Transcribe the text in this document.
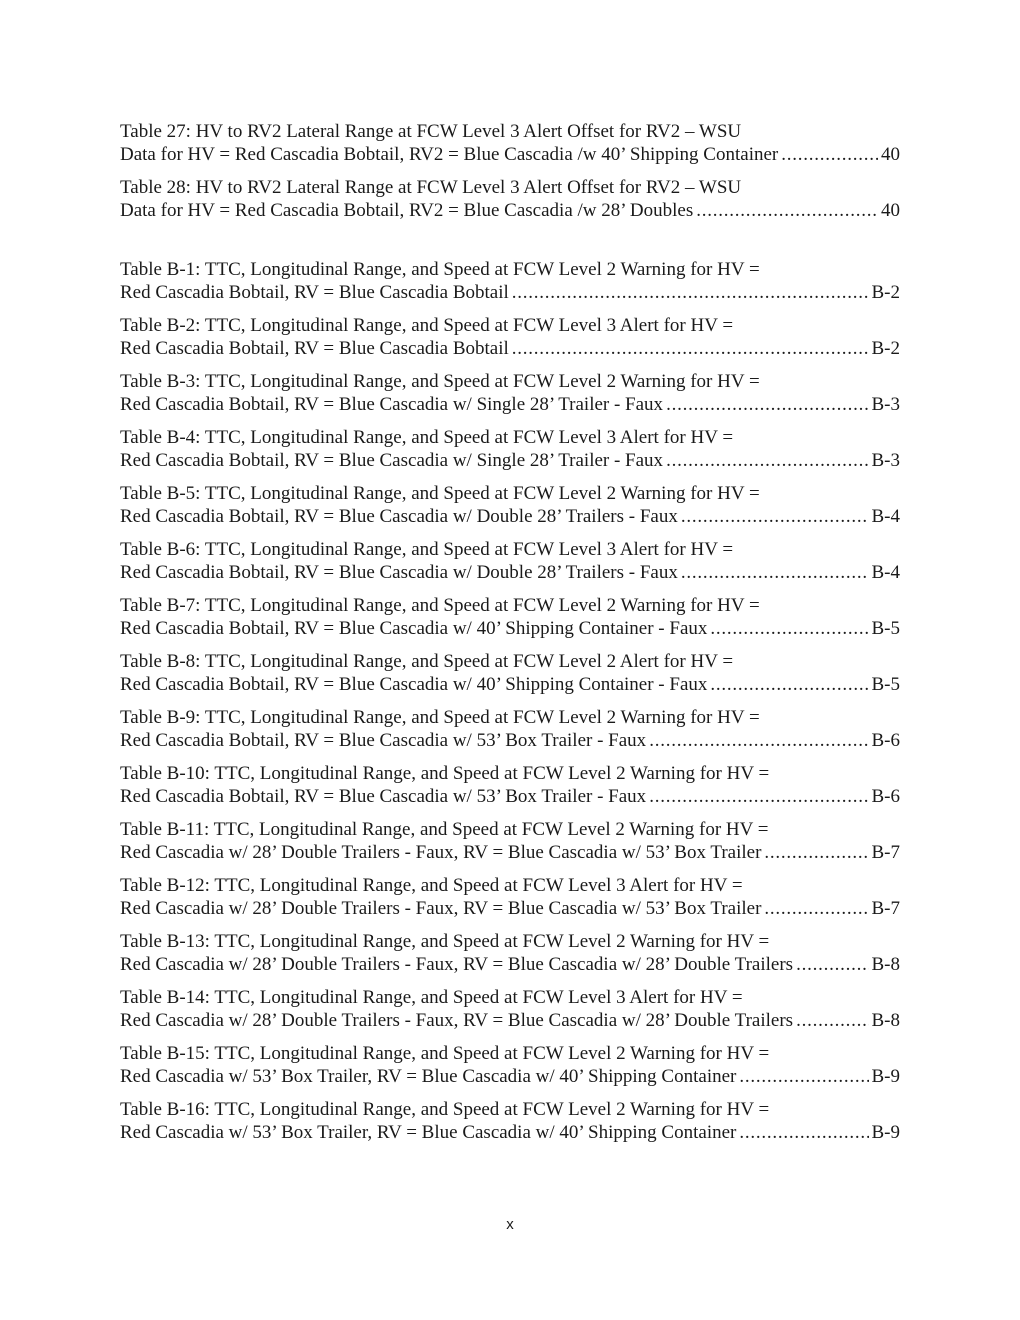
Table 27: HV to RV2 Lateral Range at FCW Level 3 Alert Offset for RV2 – WSU
Data for HV = Red Cascadia Bobtail, RV2 = Blue Cascadia /w 40’ Shipping Container . . .	40
Table 28: HV to RV2 Lateral Range at FCW Level 3 Alert Offset for RV2 – WSU
Data for HV = Red Cascadia Bobtail, RV2 = Blue Cascadia /w 28’ Doubles . . .	40
Table B-1: TTC, Longitudinal Range, and Speed at FCW Level 2 Warning for HV =
Red Cascadia Bobtail, RV = Blue Cascadia Bobtail . . .	B-2
Table B-2: TTC, Longitudinal Range, and Speed at FCW Level 3 Alert for HV =
Red Cascadia Bobtail, RV = Blue Cascadia Bobtail . . .	B-2
Table B-3: TTC, Longitudinal Range, and Speed at FCW Level 2 Warning for HV =
Red Cascadia Bobtail, RV = Blue Cascadia w/ Single 28’ Trailer - Faux . . .	B-3
Table B-4: TTC, Longitudinal Range, and Speed at FCW Level 3 Alert for HV =
Red Cascadia Bobtail, RV = Blue Cascadia w/ Single 28’ Trailer - Faux . . .	B-3
Table B-5: TTC, Longitudinal Range, and Speed at FCW Level 2 Warning for HV =
Red Cascadia Bobtail, RV = Blue Cascadia w/ Double 28’ Trailers - Faux . . .	B-4
Table B-6: TTC, Longitudinal Range, and Speed at FCW Level 3 Alert for HV =
Red Cascadia Bobtail, RV = Blue Cascadia w/ Double 28’ Trailers - Faux . . .	B-4
Table B-7: TTC, Longitudinal Range, and Speed at FCW Level 2 Warning for HV =
Red Cascadia Bobtail, RV = Blue Cascadia w/ 40’ Shipping Container - Faux . . .	B-5
Table B-8: TTC, Longitudinal Range, and Speed at FCW Level 2 Alert for HV =
Red Cascadia Bobtail, RV = Blue Cascadia w/ 40’ Shipping Container - Faux . . .	B-5
Table B-9: TTC, Longitudinal Range, and Speed at FCW Level 2 Warning for HV =
Red Cascadia Bobtail, RV = Blue Cascadia w/ 53’ Box Trailer - Faux . . .	B-6
Table B-10: TTC, Longitudinal Range, and Speed at FCW Level 2 Warning for HV =
Red Cascadia Bobtail, RV = Blue Cascadia w/ 53’ Box Trailer - Faux . . .	B-6
Table B-11: TTC, Longitudinal Range, and Speed at FCW Level 2 Warning for HV =
Red Cascadia w/ 28’ Double Trailers - Faux, RV = Blue Cascadia w/ 53’ Box Trailer . . .	B-7
Table B-12: TTC, Longitudinal Range, and Speed at FCW Level 3 Alert for HV =
Red Cascadia w/ 28’ Double Trailers - Faux, RV = Blue Cascadia w/ 53’ Box Trailer . . .	B-7
Table B-13: TTC, Longitudinal Range, and Speed at FCW Level 2 Warning for HV =
Red Cascadia w/ 28’ Double Trailers - Faux, RV = Blue Cascadia w/ 28’ Double Trailers . . .	B-8
Table B-14: TTC, Longitudinal Range, and Speed at FCW Level 3 Alert for HV =
Red Cascadia w/ 28’ Double Trailers - Faux, RV = Blue Cascadia w/ 28’ Double Trailers . . .	B-8
Table B-15: TTC, Longitudinal Range, and Speed at FCW Level 2 Warning for HV =
Red Cascadia w/ 53’ Box Trailer, RV = Blue Cascadia w/ 40’ Shipping Container . . .	B-9
Table B-16: TTC, Longitudinal Range, and Speed at FCW Level 2 Warning for HV =
Red Cascadia w/ 53’ Box Trailer, RV = Blue Cascadia w/ 40’ Shipping Container . . .	B-9
x
